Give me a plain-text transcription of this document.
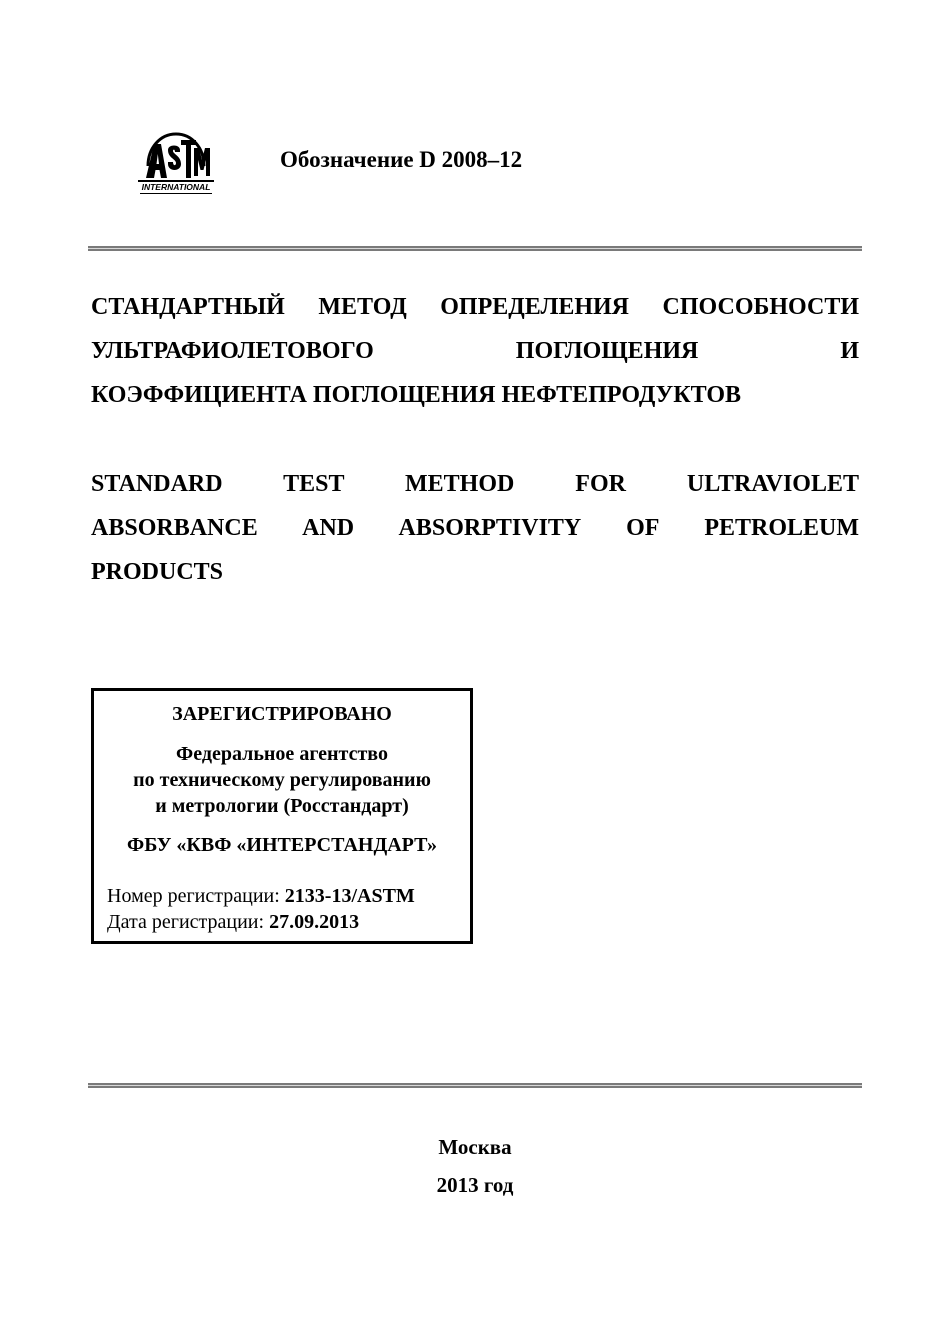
INTERNATIONAL
Обозначение D 2008–12
СТАНДАРТНЫЙ МЕТОД ОПРЕДЕЛЕНИЯ СПОСОБНОСТИ
УЛЬТРАФИОЛЕТОВОГО ПОГЛОЩЕНИЯ И
КОЭФФИЦИЕНТА ПОГЛОЩЕНИЯ НЕФТЕПРОДУКТОВ
STANDARD TEST METHOD FOR ULTRAVIOLET
ABSORBANCE AND ABSORPTIVITY OF PETROLEUM
PRODUCTS
ЗАРЕГИСТРИРОВАНО
Федеральное агентство
по техническому регулированию
и метрологии (Росстандарт)
ФБУ «КВФ «ИНТЕРСТАНДАРТ»
Номер регистрации: 2133-13/ASTM
Дата регистрации: 27.09.2013
Москва
2013 год
